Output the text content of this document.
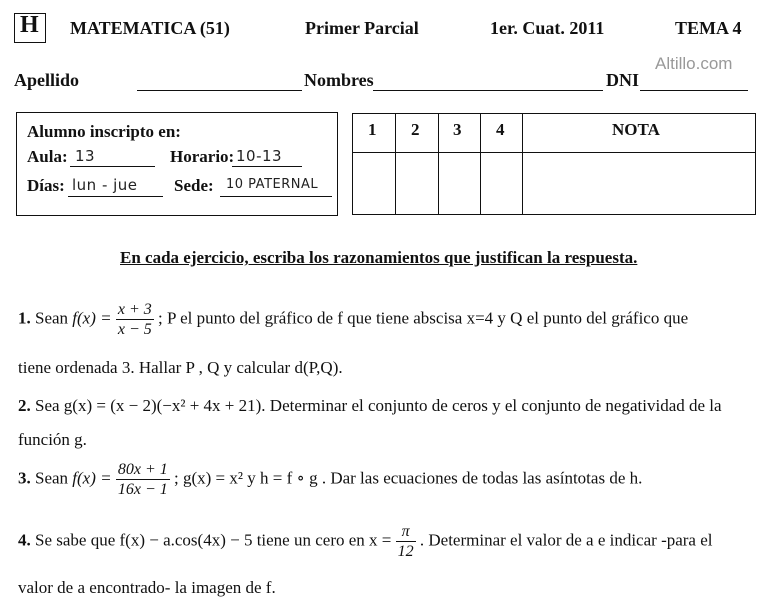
H MATEMATICA (51)	Primer Parcial	1er. Cuat. 2011	TEMA 4
Altillo.com
Apellido	Nombres	DNI
Alumno inscripto en:
Aula: 13	Horario: 10-13
Días: lun - jue Sede: 10 PATERNAL
1 2 3 4	NOTA
En cada ejercicio, escriba los razonamientos que justifican la respuesta.
1. Sean $f(x) = \frac{x + 3}{x - 5}$ ; P el punto del gráfico de f que tiene abscisa x=4 y Q el punto del gráfico que
tiene ordenada 3. Hallar P , Q y calcular d(P,Q).
2. Sea g(x) = (x − 2)(−x² + 4x + 21). Determinar el conjunto de ceros y el conjunto de negatividad de la
función g.
3. Sean $f(x) = \frac{80x + 1}{16x - 1}$ ; g(x) = x² y h = f ∘ g . Dar las ecuaciones de todas las asíntotas de h.
4. Se sabe que f(x) − a.cos(4x) − 5 tiene un cero en $x = \frac{\pi}{12}$ . Determinar el valor de a e indicar -para el
valor de a encontrado- la imagen de f.
